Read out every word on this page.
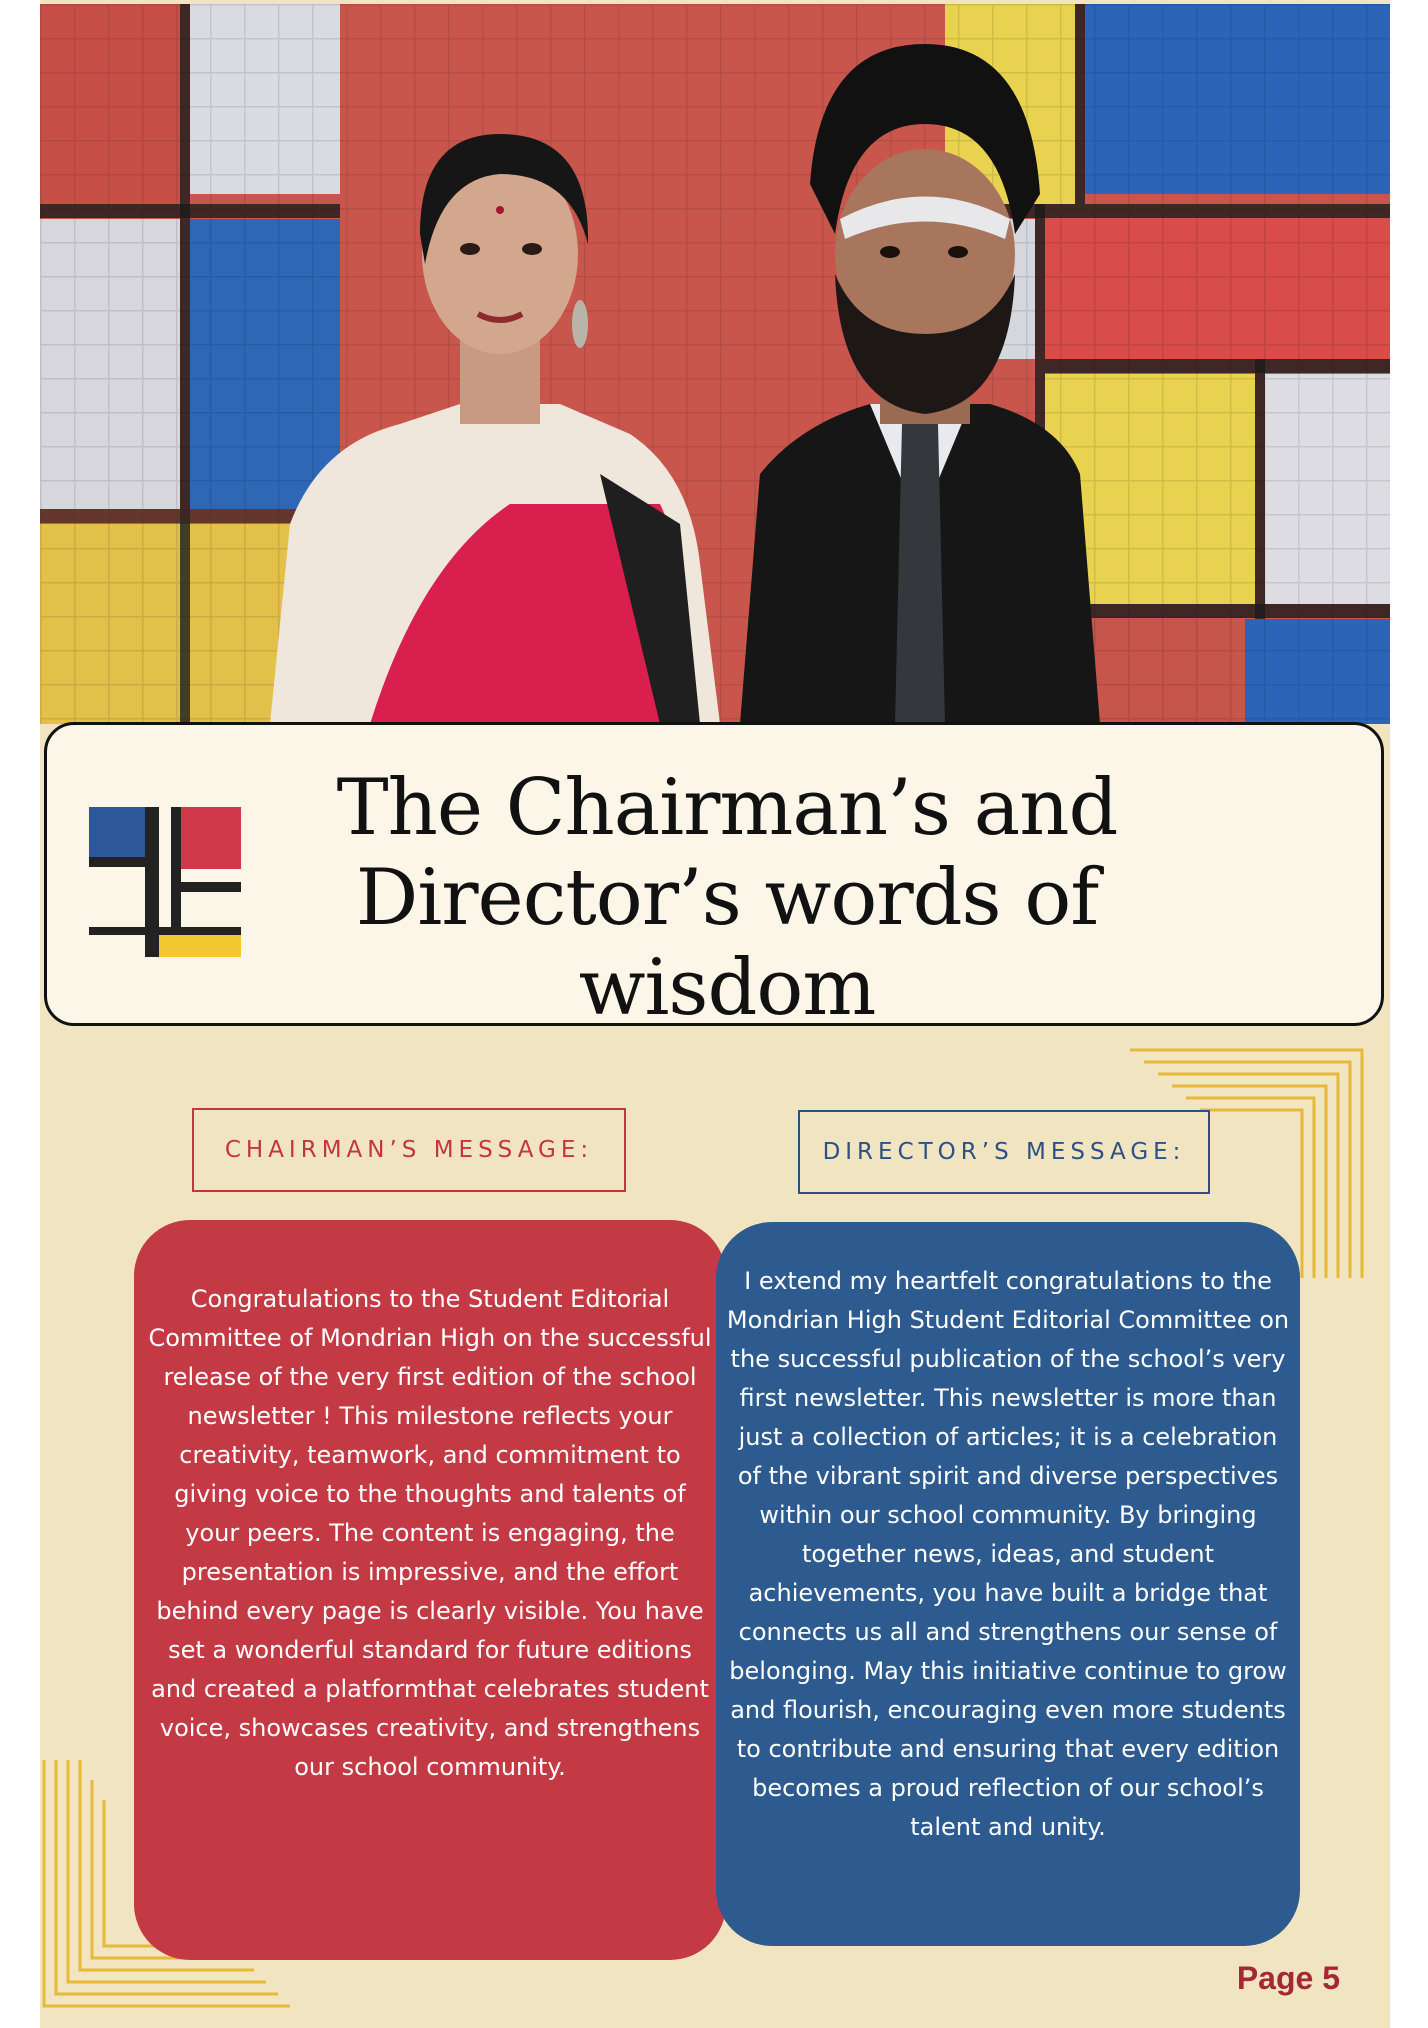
The Chairman’s and
Director’s words of
wisdom
CHAIRMAN’S MESSAGE:	DIRECTOR’S MESSAGE:

Congratulations to the Student Editorial Committee of Mondrian High on the successful release of the very first edition of the school newsletter ! This milestone reflects your creativity, teamwork, and commitment to giving voice to the thoughts and talents of your peers. The content is engaging, the presentation is impressive, and the effort behind every page is clearly visible. You have set a wonderful standard for future editions and created a platformthat celebrates student voice, showcases creativity, and strengthens our school community.

I extend my heartfelt congratulations to the Mondrian High Student Editorial Committee on the successful publication of the school’s very first newsletter. This newsletter is more than just a collection of articles; it is a celebration of the vibrant spirit and diverse perspectives within our school community. By bringing together news, ideas, and student achievements, you have built a bridge that connects us all and strengthens our sense of belonging. May this initiative continue to grow and flourish, encouraging even more students to contribute and ensuring that every edition becomes a proud reflection of our school’s talent and unity.

Page 5
